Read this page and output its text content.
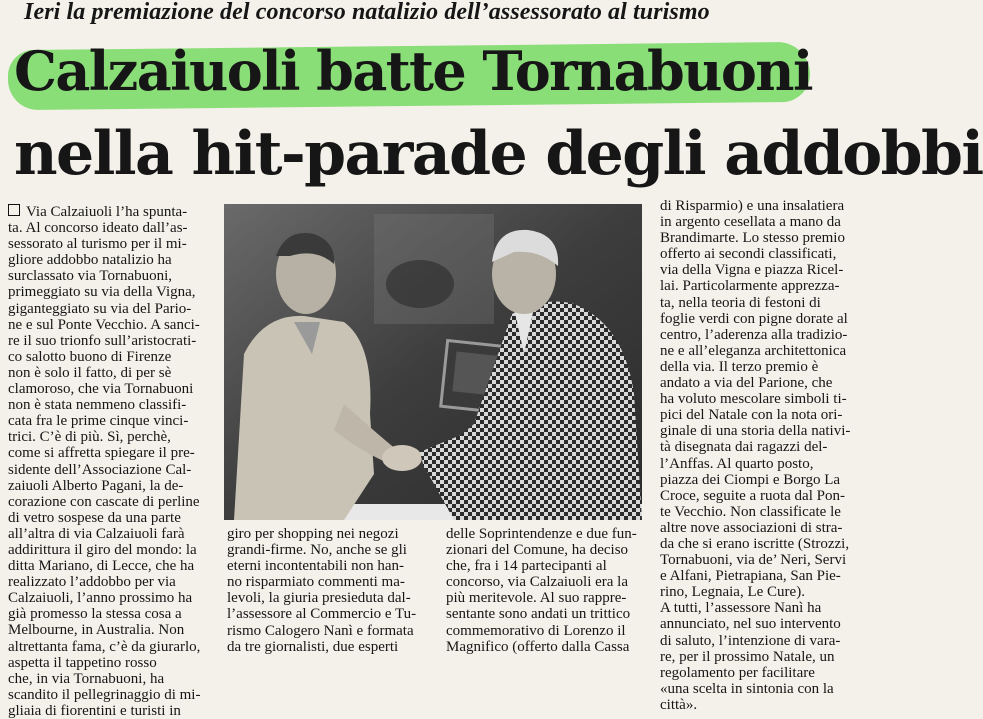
Ieri la premiazione del concorso natalizio dell’assessorato al turismo
Calzaiuoli batte Tornabuoni
nella hit-parade degli addobbi
Via Calzaiuoli l’ha spunta-
ta. Al concorso ideato dall’as-
sessorato al turismo per il mi-
gliore addobbo natalizio ha
surclassato via Tornabuoni,
primeggiato su via della Vigna,
giganteggiato su via del Pario-
ne e sul Ponte Vecchio. A sanci-
re il suo trionfo sull’aristocrati-
co salotto buono di Firenze
non è solo il fatto, di per sè
clamoroso, che via Tornabuoni
non è stata nemmeno classifi-
cata fra le prime cinque vinci-
trici. C’è di più. Sì, perchè,
come si affretta spiegare il pre-
sidente dell’Associazione Cal-
zaiuoli Alberto Pagani, la de-
corazione con cascate di perline
di vetro sospese da una parte
all’altra di via Calzaiuoli farà
addirittura il giro del mondo: la
ditta Mariano, di Lecce, che ha
realizzato l’addobbo per via
Calzaiuoli, l’anno prossimo ha
già promesso la stessa cosa a
Melbourne, in Australia. Non
altrettanta fama, c’è da giurarlo,
aspetta il tappetino rosso
che, in via Tornabuoni, ha
scandito il pellegrinaggio di mi-
gliaia di fiorentini e turisti in
giro per shopping nei negozi
grandi-firme. No, anche se gli
eterni incontentabili non han-
no risparmiato commenti ma-
levoli, la giuria presieduta dal-
l’assessore al Commercio e Tu-
rismo Calogero Nanì e formata
da tre giornalisti, due esperti
delle Soprintendenze e due fun-
zionari del Comune, ha deciso
che, fra i 14 partecipanti al
concorso, via Calzaiuoli era la
più meritevole. Al suo rappre-
sentante sono andati un trittico
commemorativo di Lorenzo il
Magnifico (offerto dalla Cassa
di Risparmio) e una insalatiera
in argento cesellata a mano da
Brandimarte. Lo stesso premio
offerto ai secondi classificati,
via della Vigna e piazza Ricel-
lai. Particolarmente apprezza-
ta, nella teoria di festoni di
foglie verdi con pigne dorate al
centro, l’aderenza alla tradizio-
ne e all’eleganza architettonica
della via. Il terzo premio è
andato a via del Parione, che
ha voluto mescolare simboli ti-
pici del Natale con la nota ori-
ginale di una storia della nativi-
tà disegnata dai ragazzi del-
l’Anffas. Al quarto posto,
piazza dei Ciompi e Borgo La
Croce, seguite a ruota dal Pon-
te Vecchio. Non classificate le
altre nove associazioni di stra-
da che si erano iscritte (Strozzi,
Tornabuoni, via de’ Neri, Servi
e Alfani, Pietrapiana, San Pie-
rino, Legnaia, Le Cure).
A tutti, l’assessore Nanì ha
annunciato, nel suo intervento
di saluto, l’intenzione di vara-
re, per il prossimo Natale, un
regolamento per facilitare
«una scelta in sintonia con la
città».
